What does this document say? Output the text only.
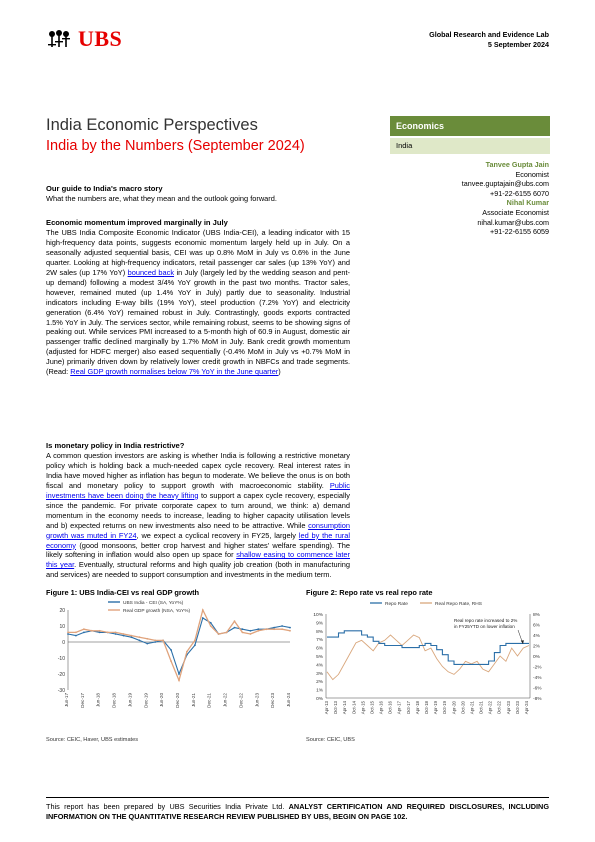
UBS	Global Research and Evidence Lab
5 September 2024
India Economic Perspectives
India by the Numbers (September 2024)
Economics
India
Tanvee Gupta Jain
Economist
tanvee.guptajain@ubs.com
+91-22-6155 6070
Nihal Kumar
Associate Economist
nihal.kumar@ubs.com
+91-22-6155 6059

Our guide to India's macro story

What the numbers are, what they mean and the outlook going forward.

Economic momentum improved marginally in July

The UBS India Composite Economic Indicator (UBS India-CEI), a leading indicator with 15 high-frequency data points, suggests economic momentum largely held up in July. On a seasonally adjusted sequential basis, CEI was up 0.8% MoM in July vs 0.6% in the June quarter. Looking at high-frequency indicators, retail passenger car sales (up 13% YoY) and 2W sales (up 17% YoY) bounced back in July (largely led by the wedding season and pent-up demand) following a modest 3/4% YoY growth in the past two months. Tractor sales, however, remained muted (up 1.4% YoY in July) partly due to seasonality. Industrial indicators including E-way bills (19% YoY), steel production (7.2% YoY) and electricity generation (6.4% YoY) remained robust in July. Contrastingly, goods exports contracted 1.5% YoY in July. The services sector, while remaining robust, seems to be showing signs of peaking out. While services PMI increased to a 5-month high of 60.9 in August, domestic air passenger traffic declined marginally by 1.7% MoM in July. Bank credit growth momentum (adjusted for HDFC merger) also eased sequentially (-0.4% MoM in July vs +0.7% MoM in June) primarily driven down by relatively lower credit growth in NBFCs and trade segments. (Read: Real GDP growth normalises below 7% YoY in the June quarter)

Is monetary policy in India restrictive?

A common question investors are asking is whether India is following a restrictive monetary policy which is holding back a much-needed capex cycle recovery. Real interest rates in India have moved higher as inflation has begun to moderate. We believe the onus is on both fiscal and monetary policy to support growth with macroeconomic stability. Public investments have been doing the heavy lifting to support a capex cycle recovery, especially since the pandemic. For private corporate capex to turn around, we think: a) demand momentum in the economy needs to increase, leading to higher capacity utilisation levels and b) expected returns on new investments also need to be attractive. While consumption growth was muted in FY24, we expect a cyclical recovery in FY25, largely led by the rural economy (good monsoons, better crop harvest and higher states' welfare spending). The likely softening in inflation would also open up space for shallow easing to commence later this year. Eventually, structural reforms and high quality job creation (both in manufacturing and services) are needed to support consumption and investments in the medium term.

Figure 1: UBS India-CEI vs real GDP growth	Figure 2: Repo rate vs real repo rate
UBS India - CEI (SA, YoY%)
Real GDP growth (NSA, YoY%)
20
10
0
-10
-20
-30
Jun-17 Dec-17 Jun-18 Dec-18 Jun-19 Dec-19 Jun-20 Dec-20 Jun-21 Dec-21 Jun-22 Dec-22 Jun-23 Dec-23 Jun-24
Repo Rate	Real Repo Rate, RHS
10%
9%
8%
7%
6%
5%
4%
3%
2%
1%
0%
8%
6%
4%
2%
0%
-2%
-4%
-6%
-8%
Apr-13 Oct-13 Apr-14 Oct-14 Apr-15 Oct-15 Apr-16 Oct-16 Apr-17 Oct-17 Apr-18 Oct-18 Apr-19 Oct-19 Apr-20 Oct-20 Apr-21 Oct-21 Apr-22 Oct-22 Apr-23 Oct-23 Apr-24
Real repo rate increased to 2%
in FY25YTD on lower inflation
Source: CEIC, Haver, UBS estimates	Source: CEIC, UBS
This report has been prepared by UBS Securities India Private Ltd. ANALYST CERTIFICATION AND REQUIRED DISCLOSURES, INCLUDING INFORMATION ON THE QUANTITATIVE RESEARCH REVIEW PUBLISHED BY UBS, BEGIN ON PAGE 102.
